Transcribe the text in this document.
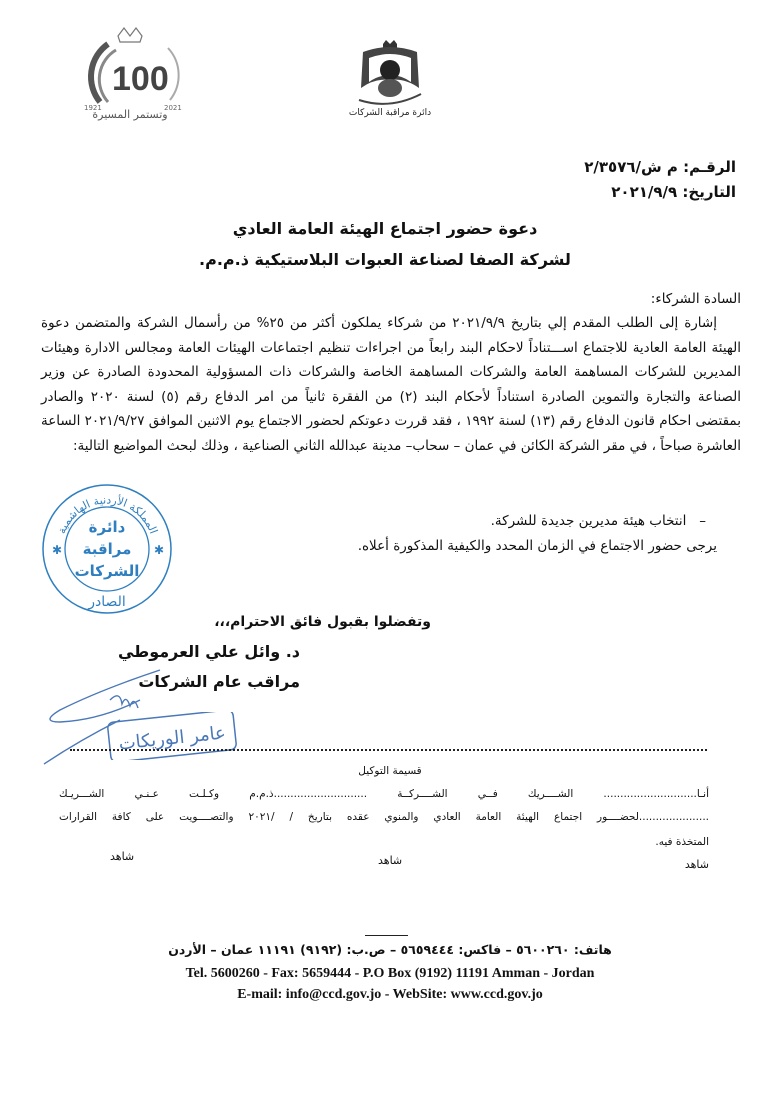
100
1921	2021
وتستمر المسيرة	دائرة مراقبة الشركات
الرقـم: م ش/٢/٣٥٧٦
التاريخ: ٢٠٢١/٩/٩
دعوة حضور اجتماع الهيئة العامة العادي
لشركة الصفا لصناعة العبوات البلاستيكية ذ.م.م.
السادة الشركاء:
إشارة إلى الطلب المقدم إلي بتاريخ ٢٠٢١/٩/٩ من شركاء يملكون أكثر من ٢٥% من رأسمال الشركة والمتضمن دعوة الهيئة العامة العادية للاجتماع اســـتناداً لاحكام البند رابعاً من اجراءات تنظيم اجتماعات الهيئات العامة ومجالس الادارة وهيئات المديرين للشركات المساهمة العامة والشركات المساهمة الخاصة والشركات ذات المسؤولية المحدودة الصادرة عن وزير الصناعة والتجارة والتموين الصادرة استناداً لأحكام البند (٢) من الفقرة ثانياً من امر الدفاع رقم (٥) لسنة ٢٠٢٠ والصادر بمقتضى احكام قانون الدفاع رقم (١٣) لسنة ١٩٩٢ ، فقد قررت دعوتكم لحضور الاجتماع يوم الاثنين الموافق ٢٠٢١/٩/٢٧ الساعة العاشرة صباحاً ، في مقر الشركة الكائن في عمان – سحاب– مدينة عبدالله الثاني الصناعية ، وذلك لبحث المواضيع التالية:
–   انتخاب هيئة مديرين جديدة للشركة.
يرجى حضور الاجتماع في الزمان المحدد والكيفية المذكورة أعلاه.
وتفضلوا بقبول فائق الاحترام،،،
المملكة الأردنية الهاشمية
دائرة
مراقبة
الشركات
الصادر
✱	✱
د. وائل علي العرموطي
مراقب عام الشركات
عامر الوريكات
قسيمة التوكيل
أنـا............................ الشــــريك فــي الشــــركــة ............................ذ.م.م وكـلـت عـنـي الشـــريـك
.....................لحضــــور اجتماع الهيئة العامة العادي والمنوي عقده بتاريخ / /٢٠٢١ والتصــــويت على كافة القرارات
المتخذة فيه.
شاهد
شاهد
شاهد
هاتف: ٥٦٠٠٢٦٠ – فاكس: ٥٦٥٩٤٤٤ – ص.ب: (٩١٩٢) ١١١٩١ عمان – الأردن
Tel. 5600260 - Fax: 5659444 - P.O Box (9192) 11191 Amman - Jordan
E-mail: info@ccd.gov.jo - WebSite: www.ccd.gov.jo
